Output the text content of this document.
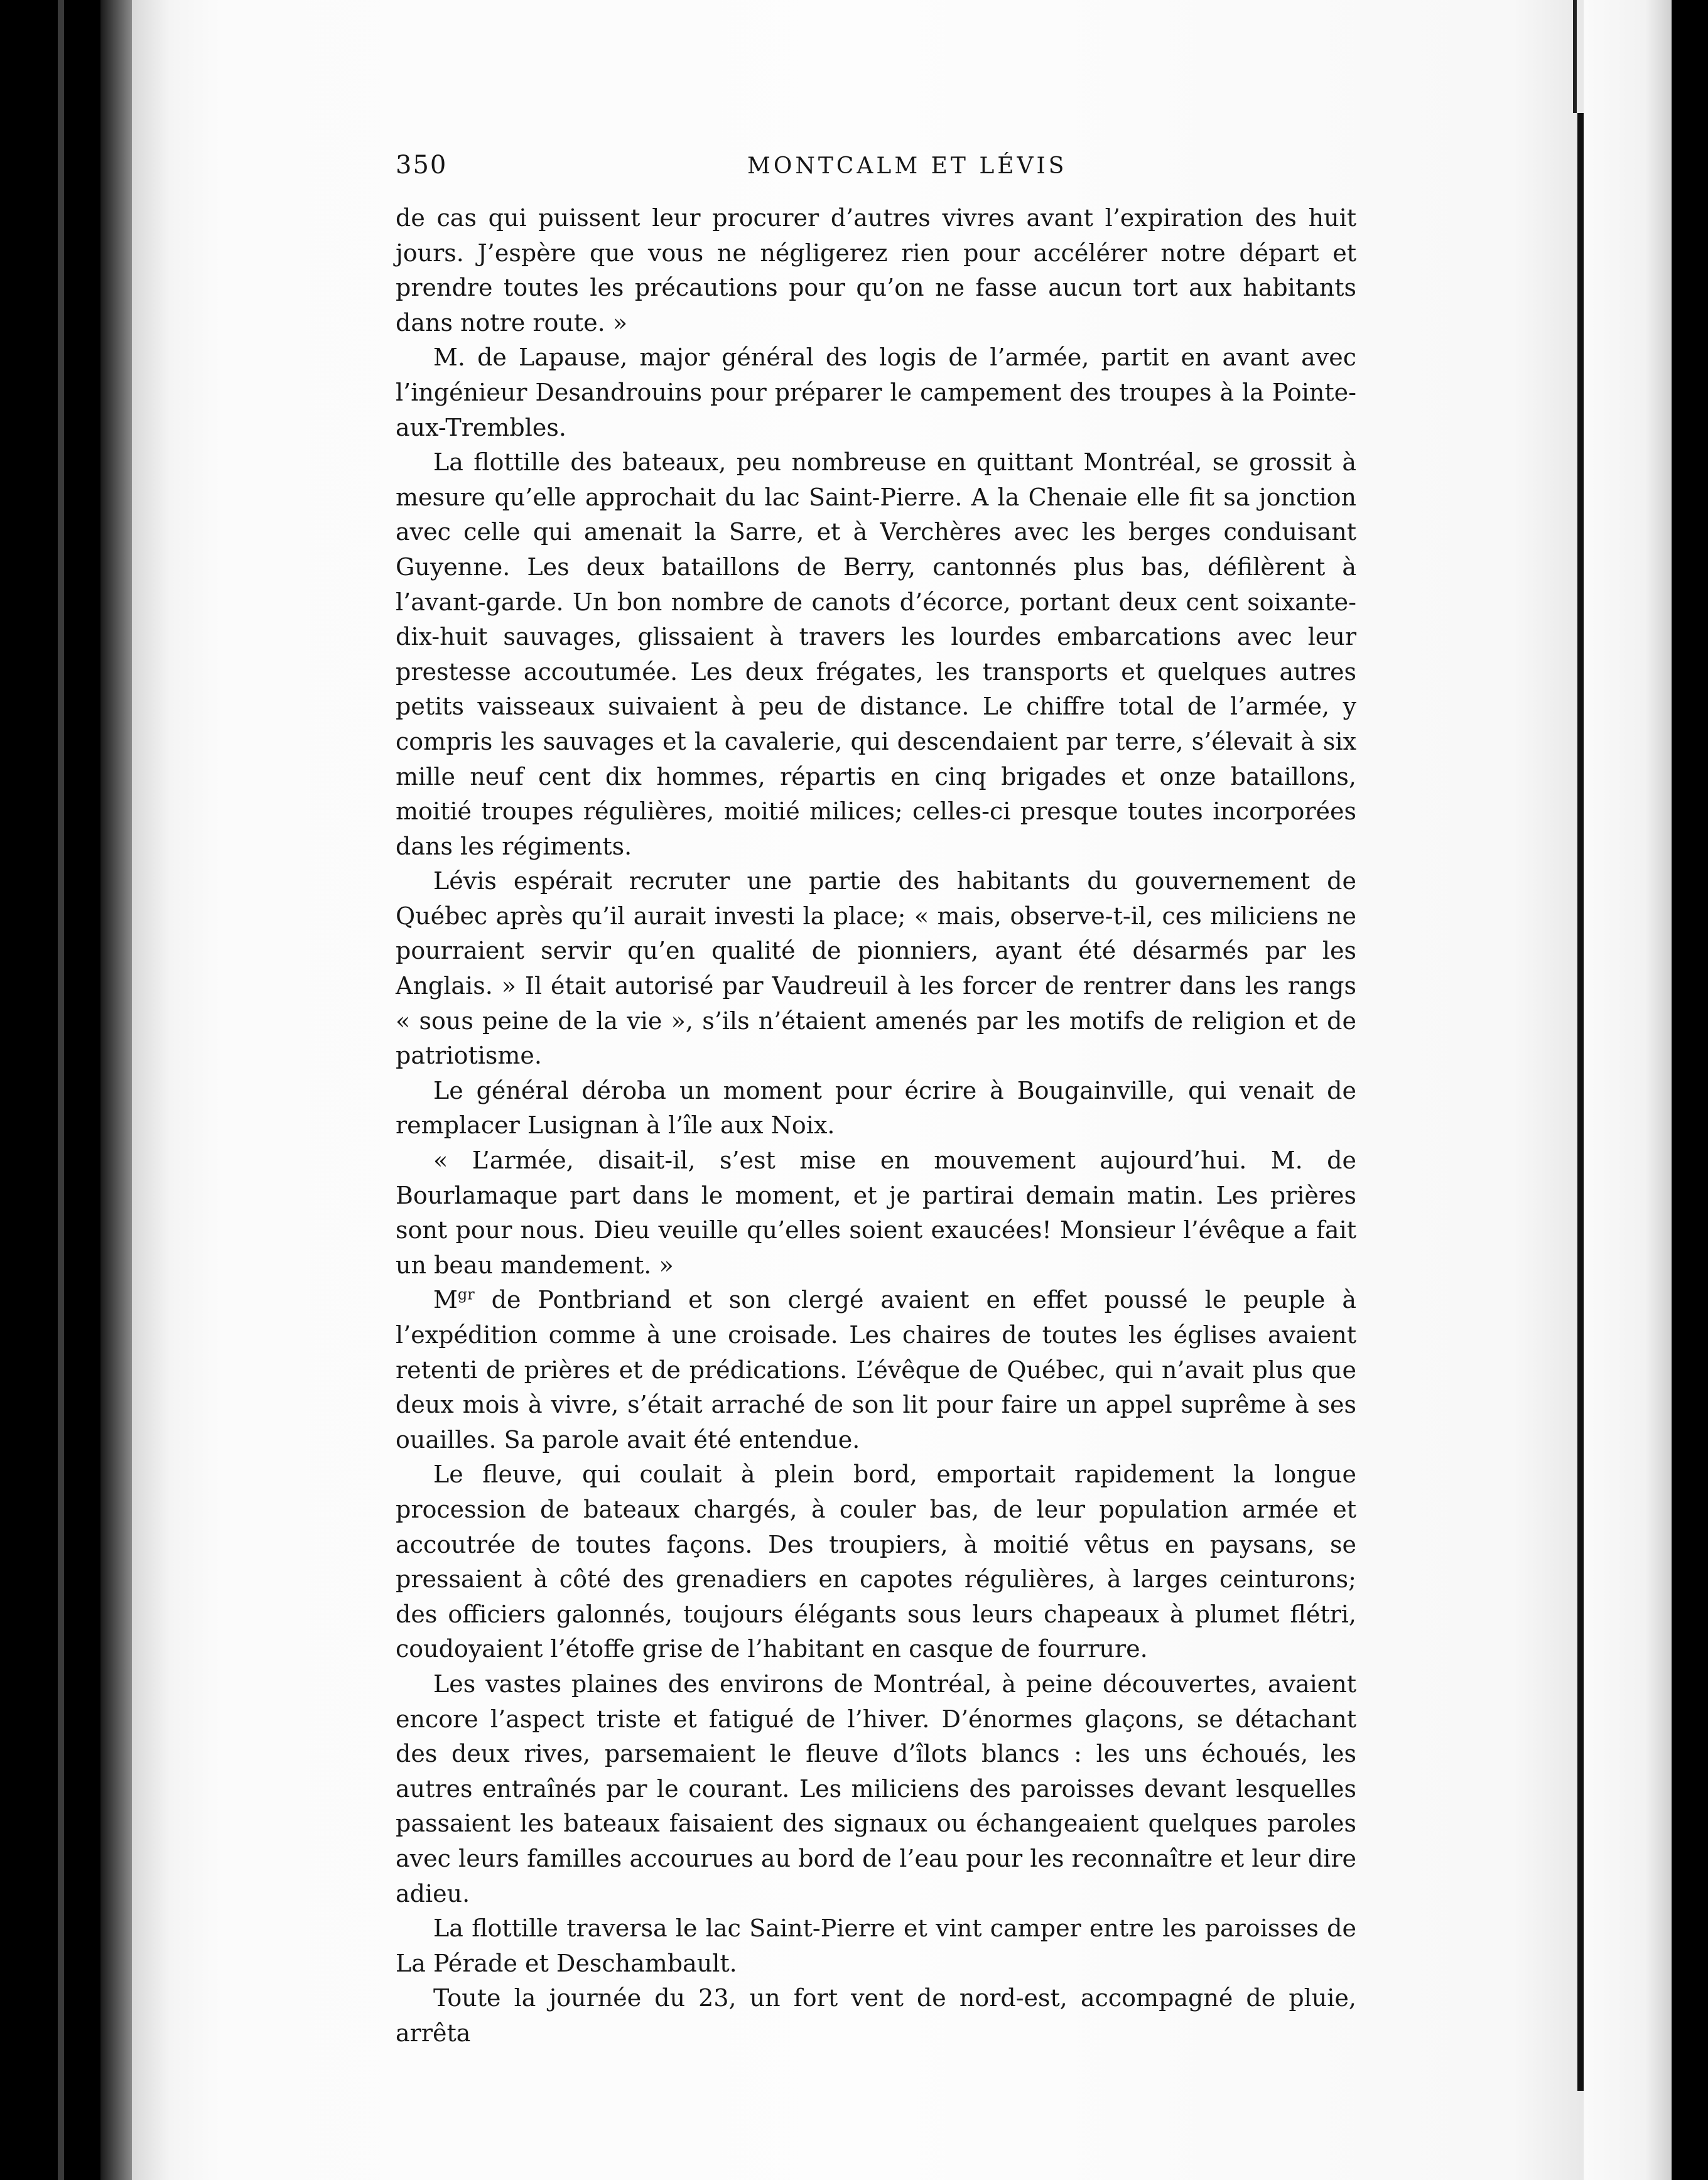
350	MONTCALM ET LÉVIS

de cas qui puissent leur procurer d’autres vivres avant l’expiration des huit jours. J’espère que vous ne négligerez rien pour accélérer notre départ et prendre toutes les précautions pour qu’on ne fasse aucun tort aux habitants dans notre route. »

M. de Lapause, major général des logis de l’armée, partit en avant avec l’ingénieur Desandrouins pour préparer le campement des troupes à la Pointe-aux-Trembles.

La flottille des bateaux, peu nombreuse en quittant Montréal, se grossit à mesure qu’elle approchait du lac Saint-Pierre. A la Chenaie elle fit sa jonction avec celle qui amenait la Sarre, et à Verchères avec les berges conduisant Guyenne. Les deux bataillons de Berry, cantonnés plus bas, défilèrent à l’avant-garde. Un bon nombre de canots d’écorce, portant deux cent soixante-dix-huit sauvages, glissaient à travers les lourdes embarcations avec leur prestesse accoutumée. Les deux frégates, les transports et quelques autres petits vaisseaux suivaient à peu de distance. Le chiffre total de l’armée, y compris les sauvages et la cavalerie, qui descendaient par terre, s’élevait à six mille neuf cent dix hommes, répartis en cinq brigades et onze bataillons, moitié troupes régulières, moitié milices; celles-ci presque toutes incorporées dans les régiments.

Lévis espérait recruter une partie des habitants du gouvernement de Québec après qu’il aurait investi la place; « mais, observe-t-il, ces miliciens ne pourraient servir qu’en qualité de pionniers, ayant été désarmés par les Anglais. » Il était autorisé par Vaudreuil à les forcer de rentrer dans les rangs « sous peine de la vie », s’ils n’étaient amenés par les motifs de religion et de patriotisme.

Le général déroba un moment pour écrire à Bougainville, qui venait de remplacer Lusignan à l’île aux Noix.

« L’armée, disait-il, s’est mise en mouvement aujourd’hui. M. de Bourlamaque part dans le moment, et je partirai demain matin. Les prières sont pour nous. Dieu veuille qu’elles soient exaucées! Monsieur l’évêque a fait un beau mandement. »

$M^{gr}$ de Pontbriand et son clergé avaient en effet poussé le peuple à l’expédition comme à une croisade. Les chaires de toutes les églises avaient retenti de prières et de prédications. L’évêque de Québec, qui n’avait plus que deux mois à vivre, s’était arraché de son lit pour faire un appel suprême à ses ouailles. Sa parole avait été entendue.

Le fleuve, qui coulait à plein bord, emportait rapidement la longue procession de bateaux chargés, à couler bas, de leur population armée et accoutrée de toutes façons. Des troupiers, à moitié vêtus en paysans, se pressaient à côté des grenadiers en capotes régulières, à larges ceinturons; des officiers galonnés, toujours élégants sous leurs chapeaux à plumet flétri, coudoyaient l’étoffe grise de l’habitant en casque de fourrure.

Les vastes plaines des environs de Montréal, à peine découvertes, avaient encore l’aspect triste et fatigué de l’hiver. D’énormes glaçons, se détachant des deux rives, parsemaient le fleuve d’îlots blancs : les uns échoués, les autres entraînés par le courant. Les miliciens des paroisses devant lesquelles passaient les bateaux faisaient des signaux ou échangeaient quelques paroles avec leurs familles accourues au bord de l’eau pour les reconnaître et leur dire adieu.

La flottille traversa le lac Saint-Pierre et vint camper entre les paroisses de La Pérade et Deschambault.

Toute la journée du 23, un fort vent de nord-est, accompagné de pluie, arrêta
